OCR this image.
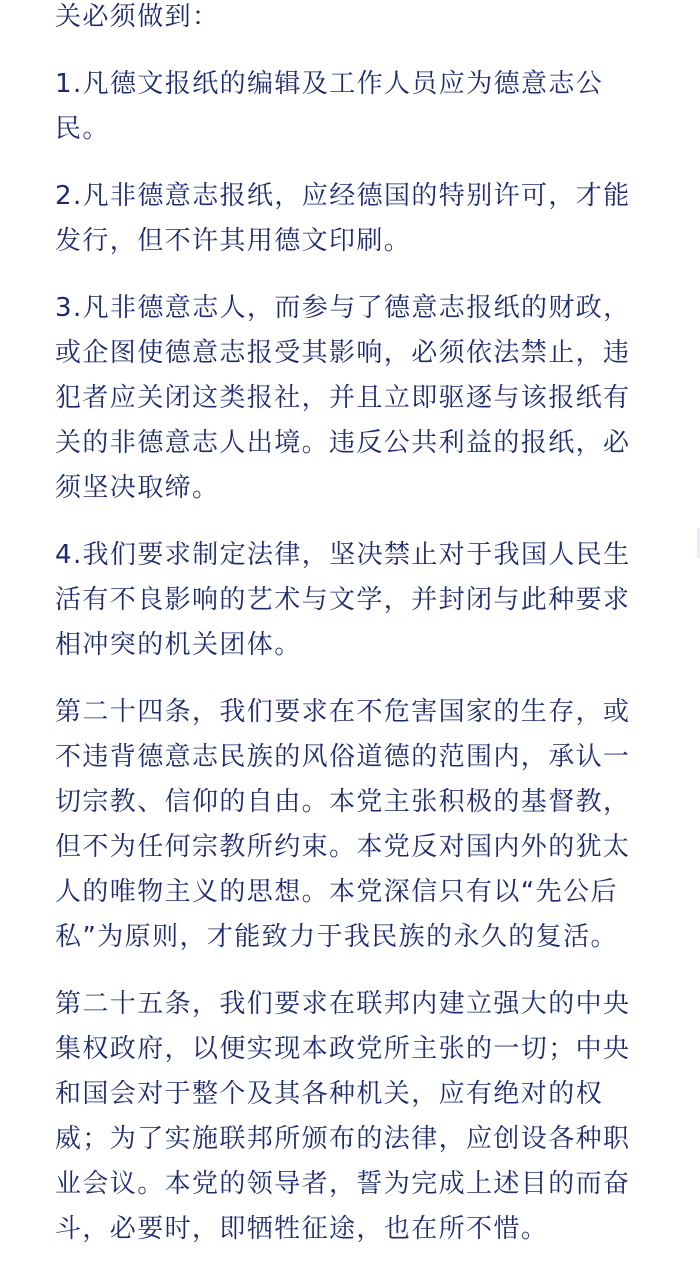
关必须做到：

1.凡德文报纸的编辑及工作人员应为德意志公民。

2.凡非德意志报纸，应经德国的特别许可，才能发行，但不许其用德文印刷。

3.凡非德意志人，而参与了德意志报纸的财政，或企图使德意志报受其影响，必须依法禁止，违犯者应关闭这类报社，并且立即驱逐与该报纸有关的非德意志人出境。违反公共利益的报纸，必须坚决取缔。

4.我们要求制定法律，坚决禁止对于我国人民生活有不良影响的艺术与文学，并封闭与此种要求相冲突的机关团体。

第二十四条，我们要求在不危害国家的生存，或不违背德意志民族的风俗道德的范围内，承认一切宗教、信仰的自由。本党主张积极的基督教，但不为任何宗教所约束。本党反对国内外的犹太人的唯物主义的思想。本党深信只有以“先公后私”为原则，才能致力于我民族的永久的复活。

第二十五条，我们要求在联邦内建立强大的中央集权政府，以便实现本政党所主张的一切；中央和国会对于整个及其各种机关，应有绝对的权威；为了实施联邦所颁布的法律，应创设各种职业会议。本党的领导者，誓为完成上述目的而奋斗，必要时，即牺牲征途，也在所不惜。
